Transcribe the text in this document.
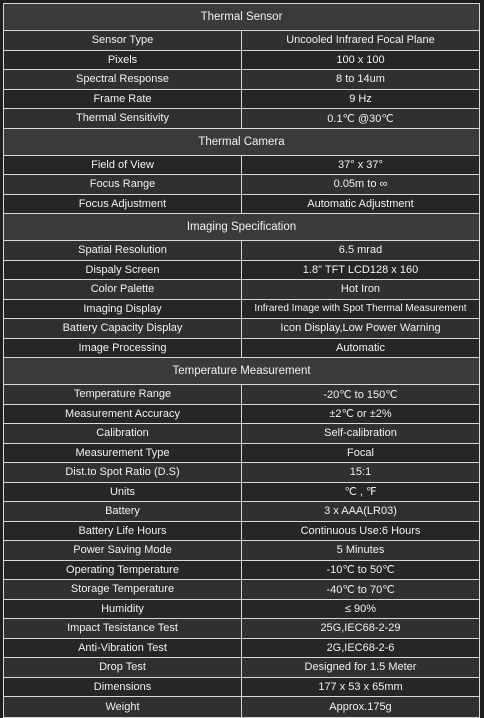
Thermal Sensor
Sensor Type	Uncooled Infrared Focal Plane
Pixels	100 x 100
Spectral Response	8 to 14um
Frame Rate	9 Hz
Thermal Sensitivity	0.1℃ @30℃
Thermal Camera
Field of View	37° x 37°
Focus Range	0.05m to ∞
Focus Adjustment	Automatic Adjustment
Imaging Specification
Spatial Resolution	6.5 mrad
Dispaly Screen	1.8" TFT LCD128 x 160
Color Palette	Hot Iron
Imaging Display	Infrared Image with Spot Thermal Measurement
Battery Capacity Display	Icon Display,Low Power Warning
Image Processing	Automatic
Temperature Measurement
Temperature Range	-20℃ to 150℃
Measurement Accuracy	±2℃ or ±2%
Calibration	Self-calibration
Measurement Type	Focal
Dist.to Spot Ratio (D.S)	15:1
Units	℃ , ℉
Battery	3 x AAA(LR03)
Battery Life Hours	Continuous Use:6 Hours
Power Saving Mode	5 Minutes
Operating Temperature	-10℃ to 50℃
Storage Temperature	-40℃ to 70℃
Humidity	≤ 90%
Impact Tesistance Test	25G,IEC68-2-29
Anti-Vibration Test	2G,IEC68-2-6
Drop Test	Designed for 1.5 Meter
Dimensions	177 x 53 x 65mm
Weight	Approx.175g
